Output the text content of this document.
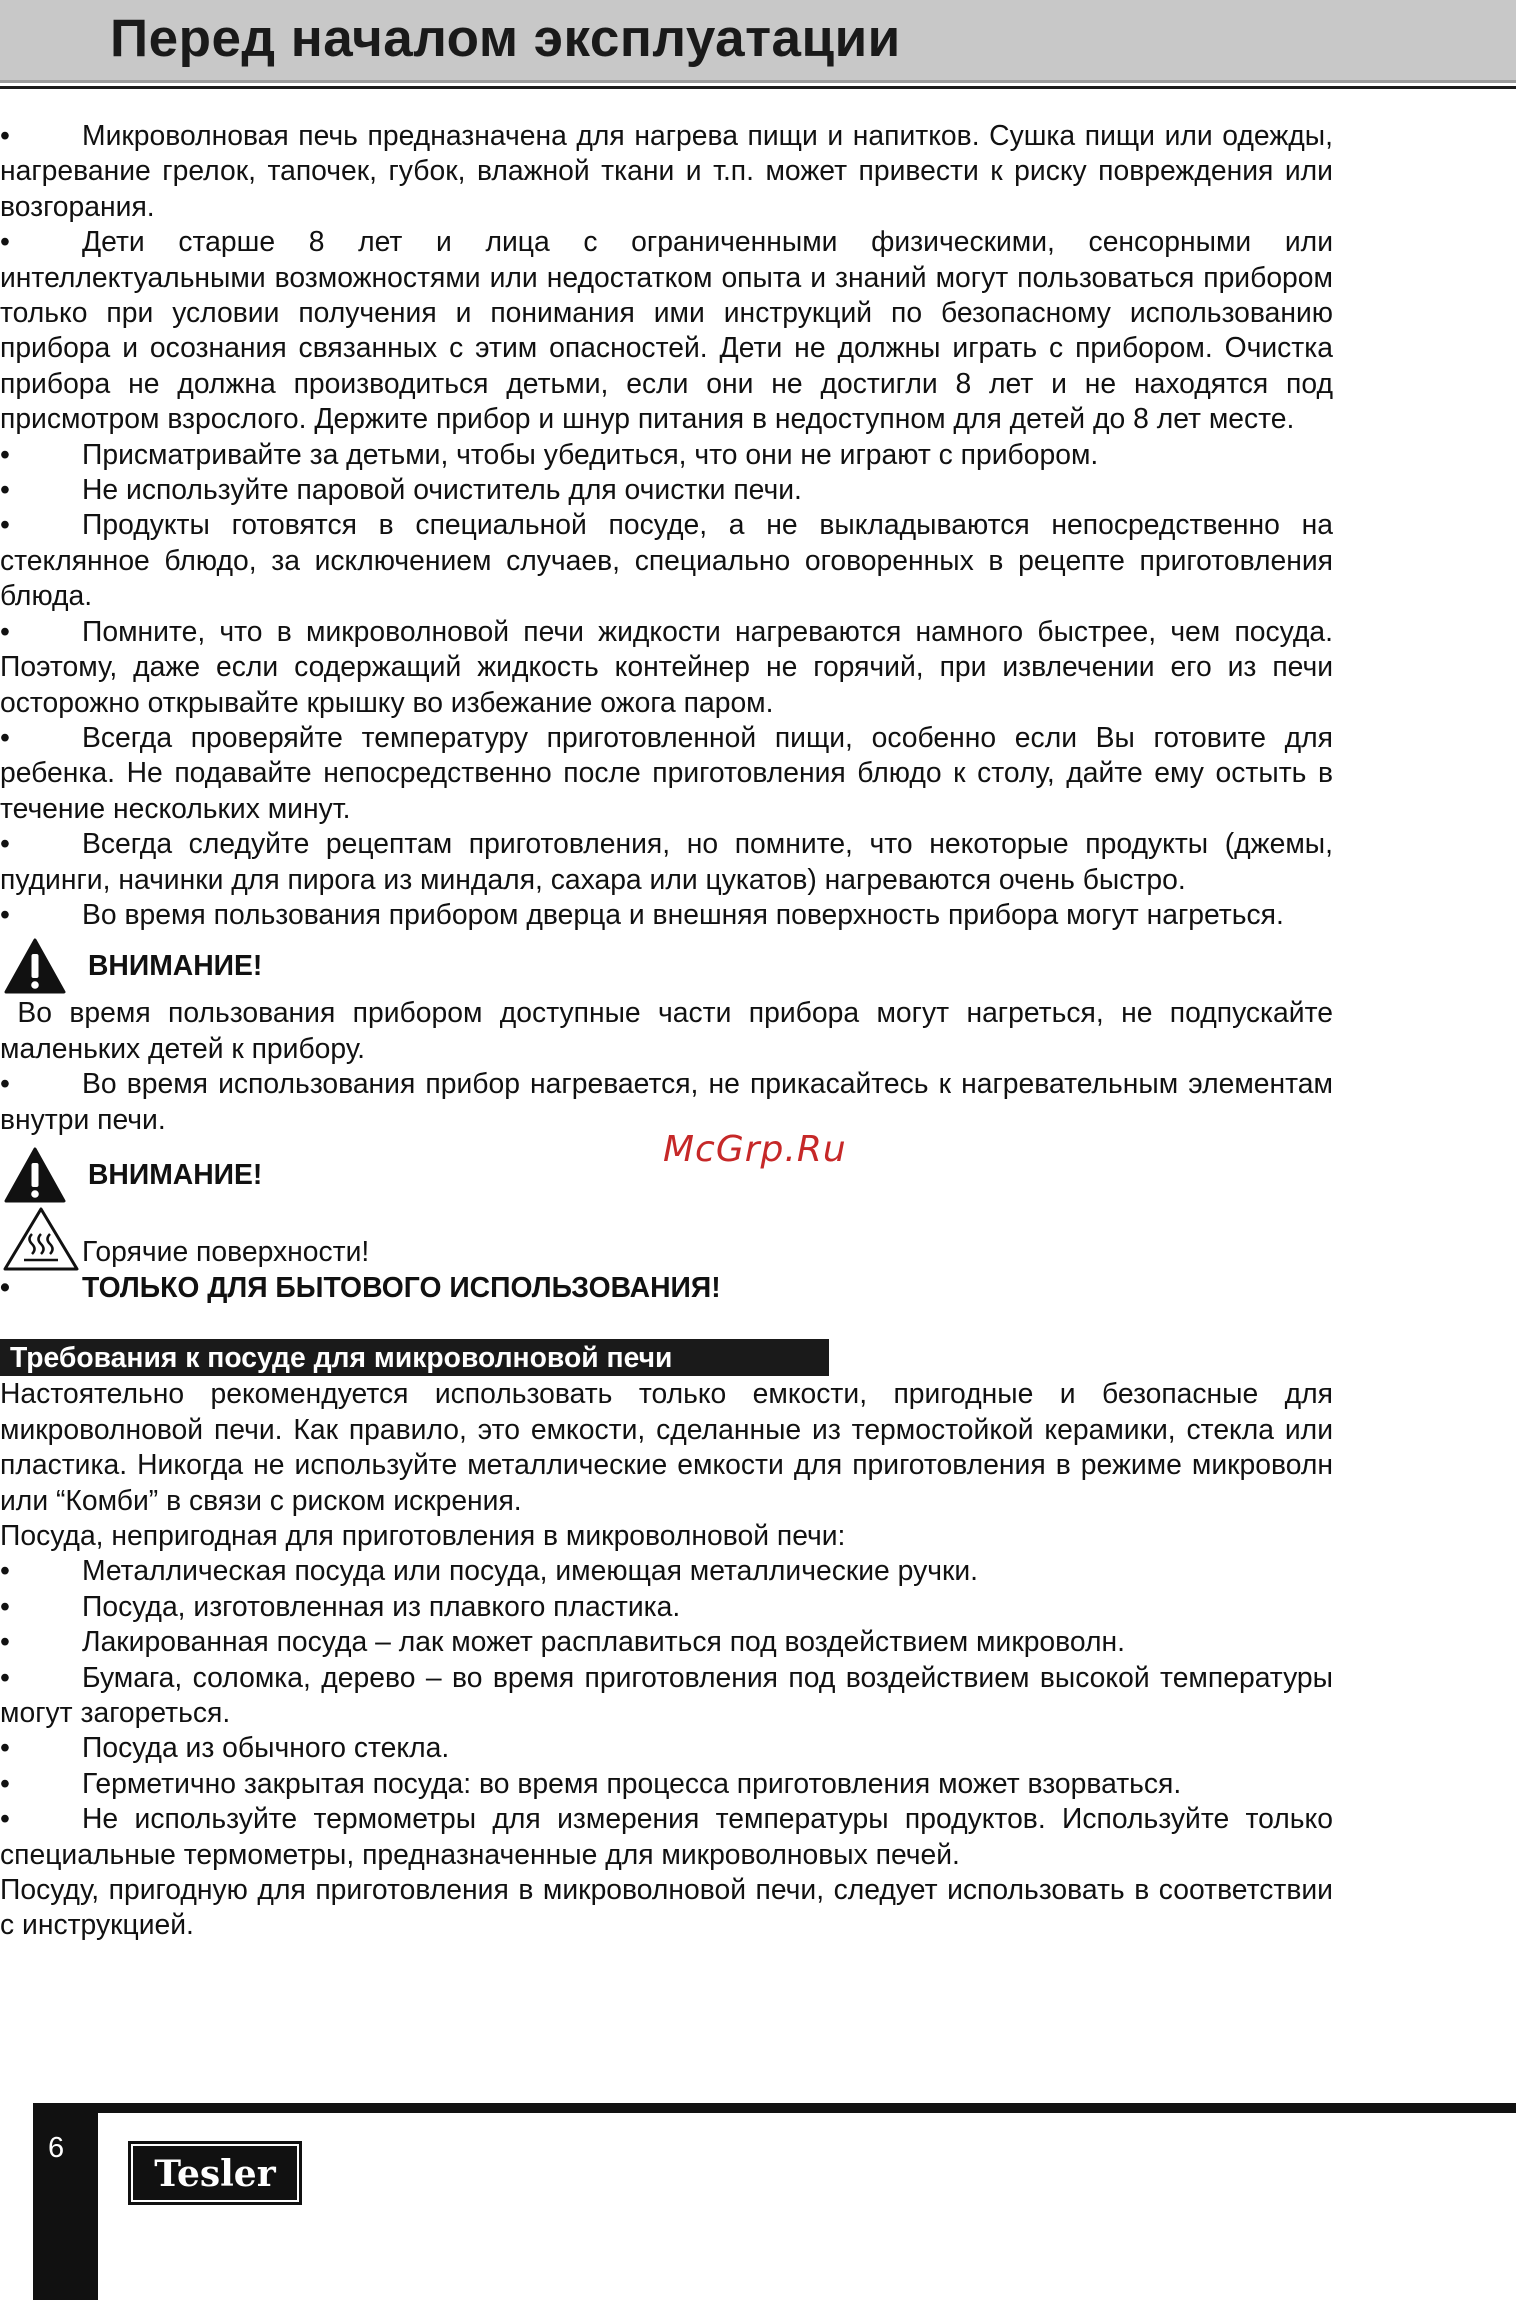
Перед началом эксплуатации

•	Микроволновая печь предназначена для нагрева пищи и напитков. Сушка пищи или одежды, нагревание грелок, тапочек, губок, влажной ткани и т.п. может привести к риску повреждения или возгорания.

•	Дети старше 8 лет и лица с ограниченными физическими, сенсорными или интеллектуальными возможностями или недостатком опыта и знаний могут пользоваться прибором только при условии получения и понимания ими инструкций по безопасному использованию прибора и осознания связанных с этим опасностей. Дети не должны играть с прибором. Очистка прибора не должна производиться детьми, если они не достигли 8 лет и не находятся под присмотром взрослого. Держите прибор и шнур питания в недоступном для детей до 8 лет месте.

•	Присматривайте за детьми, чтобы убедиться, что они не играют с прибором.

•	Не используйте паровой очиститель для очистки печи.

•	Продукты готовятся в специальной посуде, а не выкладываются непосредственно на стеклянное блюдо, за исключением случаев, специально оговоренных в рецепте приготовления блюда.

•	Помните, что в микроволновой печи жидкости нагреваются намного быстрее, чем посуда. Поэтому, даже если содержащий жидкость контейнер не горячий, при извлечении его из печи осторожно открывайте крышку во избежание ожога паром.

•	Всегда проверяйте температуру приготовленной пищи, особенно если Вы готовите для ребенка. Не подавайте непосредственно после приготовления блюдо к столу, дайте ему остыть в течение нескольких минут.

•	Всегда следуйте рецептам приготовления, но помните, что некоторые продукты (джемы, пудинги, начинки для пирога из миндаля, сахара или цукатов) нагреваются очень быстро.

•	Во время пользования прибором дверца и внешняя поверхность прибора могут нагреться.

ВНИМАНИЕ!

Во время пользования прибором доступные части прибора могут нагреться, не подпускайте маленьких детей к прибору.

•	Во время использования прибор нагревается, не прикасайтесь к нагревательным элементам внутри печи.

ВНИМАНИЕ!
Горячие поверхности!

•	ТОЛЬКО ДЛЯ БЫТОВОГО ИСПОЛЬЗОВАНИЯ!

Требования к посуде для микроволновой печи

Настоятельно рекомендуется использовать только емкости, пригодные и безопасные для микроволновой печи. Как правило, это емкости, сделанные из термостойкой керамики, стекла или пластика. Никогда не используйте металлические емкости для приготовления в режиме микроволн или “Комби” в связи с риском искрения.

Посуда, непригодная для приготовления в микроволновой печи:

•	Металлическая посуда или посуда, имеющая металлические ручки.

•	Посуда, изготовленная из плавкого пластика.

•	Лакированная посуда – лак может расплавиться под воздействием микроволн.

•	Бумага, соломка, дерево – во время приготовления под воздействием высокой температуры могут загореться.

•	Посуда из обычного стекла.

•	Герметично закрытая посуда: во время процесса приготовления может взорваться.

•	Не используйте термометры для измерения температуры продуктов. Используйте только специальные термометры, предназначенные для микроволновых печей.

Посуду, пригодную для приготовления в микроволновой печи, следует использовать в соответствии с инструкцией.

McGrp.Ru
6
Tesler
